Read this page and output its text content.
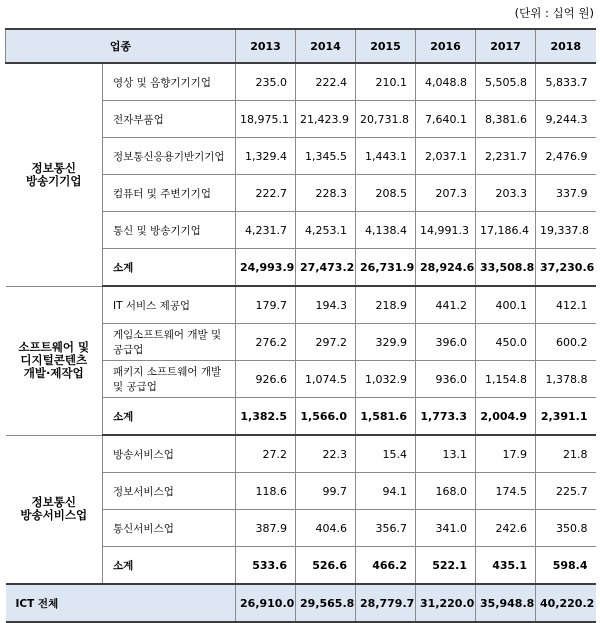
(단위 : 십억 원)
업종		2013	2014	2015	2016	2017	2018
정보통신
방송기기업	영상 및 음향기기기업	235.0	222.4	210.1	4,048.8	5,505.8	5,833.7
	전자부품업	18,975.1	21,423.9	20,731.8	7,640.1	8,381.6	9,244.3
	정보통신응용기반기기업	1,329.4	1,345.5	1,443.1	2,037.1	2,231.7	2,476.9
	컴퓨터 및 주변기기업	222.7	228.3	208.5	207.3	203.3	337.9
	통신 및 방송기기업	4,231.7	4,253.1	4,138.4	14,991.3	17,186.4	19,337.8
	소계	24,993.9	27,473.2	26,731.9	28,924.6	33,508.8	37,230.6
소프트웨어 및
디지털콘텐츠
개발·제작업	IT 서비스 제공업	179.7	194.3	218.9	441.2	400.1	412.1
	게임소프트웨어 개발 및 공급업	276.2	297.2	329.9	396.0	450.0	600.2
	패키지 소프트웨어 개발 및 공급업	926.6	1,074.5	1,032.9	936.0	1,154.8	1,378.8
	소계	1,382.5	1,566.0	1,581.6	1,773.3	2,004.9	2,391.1
정보통신
방송서비스업	방송서비스업	27.2	22.3	15.4	13.1	17.9	21.8
	정보서비스업	118.6	99.7	94.1	168.0	174.5	225.7
	통신서비스업	387.9	404.6	356.7	341.0	242.6	350.8
	소계	533.6	526.6	466.2	522.1	435.1	598.4
ICT 전체		26,910.0	29,565.8	28,779.7	31,220.0	35,948.8	40,220.2
